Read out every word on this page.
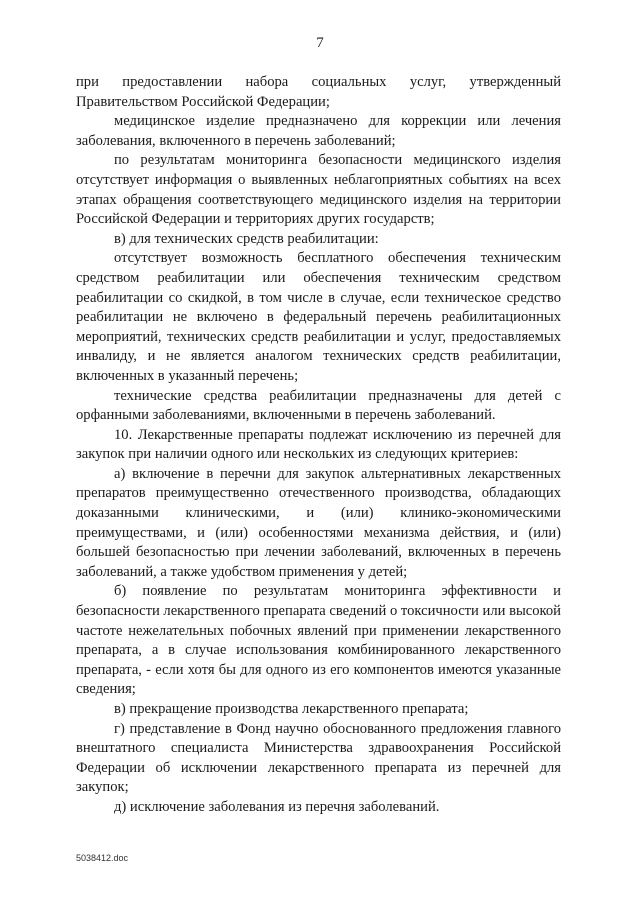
7

при предоставлении набора социальных услуг, утвержденный Правительством Российской Федерации;

медицинское изделие предназначено для коррекции или лечения заболевания, включенного в перечень заболеваний;

по результатам мониторинга безопасности медицинского изделия отсутствует информация о выявленных неблагоприятных событиях на всех этапах обращения соответствующего медицинского изделия на территории Российской Федерации и территориях других государств;

в) для технических средств реабилитации:

отсутствует возможность бесплатного обеспечения техническим средством реабилитации или обеспечения техническим средством реабилитации со скидкой, в том числе в случае, если техническое средство реабилитации не включено в федеральный перечень реабилитационных мероприятий, технических средств реабилитации и услуг, предоставляемых инвалиду, и не является аналогом технических средств реабилитации, включенных в указанный перечень;

технические средства реабилитации предназначены для детей с орфанными заболеваниями, включенными в перечень заболеваний.

10. Лекарственные препараты подлежат исключению из перечней для закупок при наличии одного или нескольких из следующих критериев:

а) включение в перечни для закупок альтернативных лекарственных препаратов преимущественно отечественного производства, обладающих доказанными клиническими, и (или) клинико-экономическими преимуществами, и (или) особенностями механизма действия, и (или) большей безопасностью при лечении заболеваний, включенных в перечень заболеваний, а также удобством применения у детей;

б) появление по результатам мониторинга эффективности и безопасности лекарственного препарата сведений о токсичности или высокой частоте нежелательных побочных явлений при применении лекарственного препарата, а в случае использования комбинированного лекарственного препарата, - если хотя бы для одного из его компонентов имеются указанные сведения;

в) прекращение производства лекарственного препарата;

г) представление в Фонд научно обоснованного предложения главного внештатного специалиста Министерства здравоохранения Российской Федерации об исключении лекарственного препарата из перечней для закупок;

д) исключение заболевания из перечня заболеваний.

5038412.doc
